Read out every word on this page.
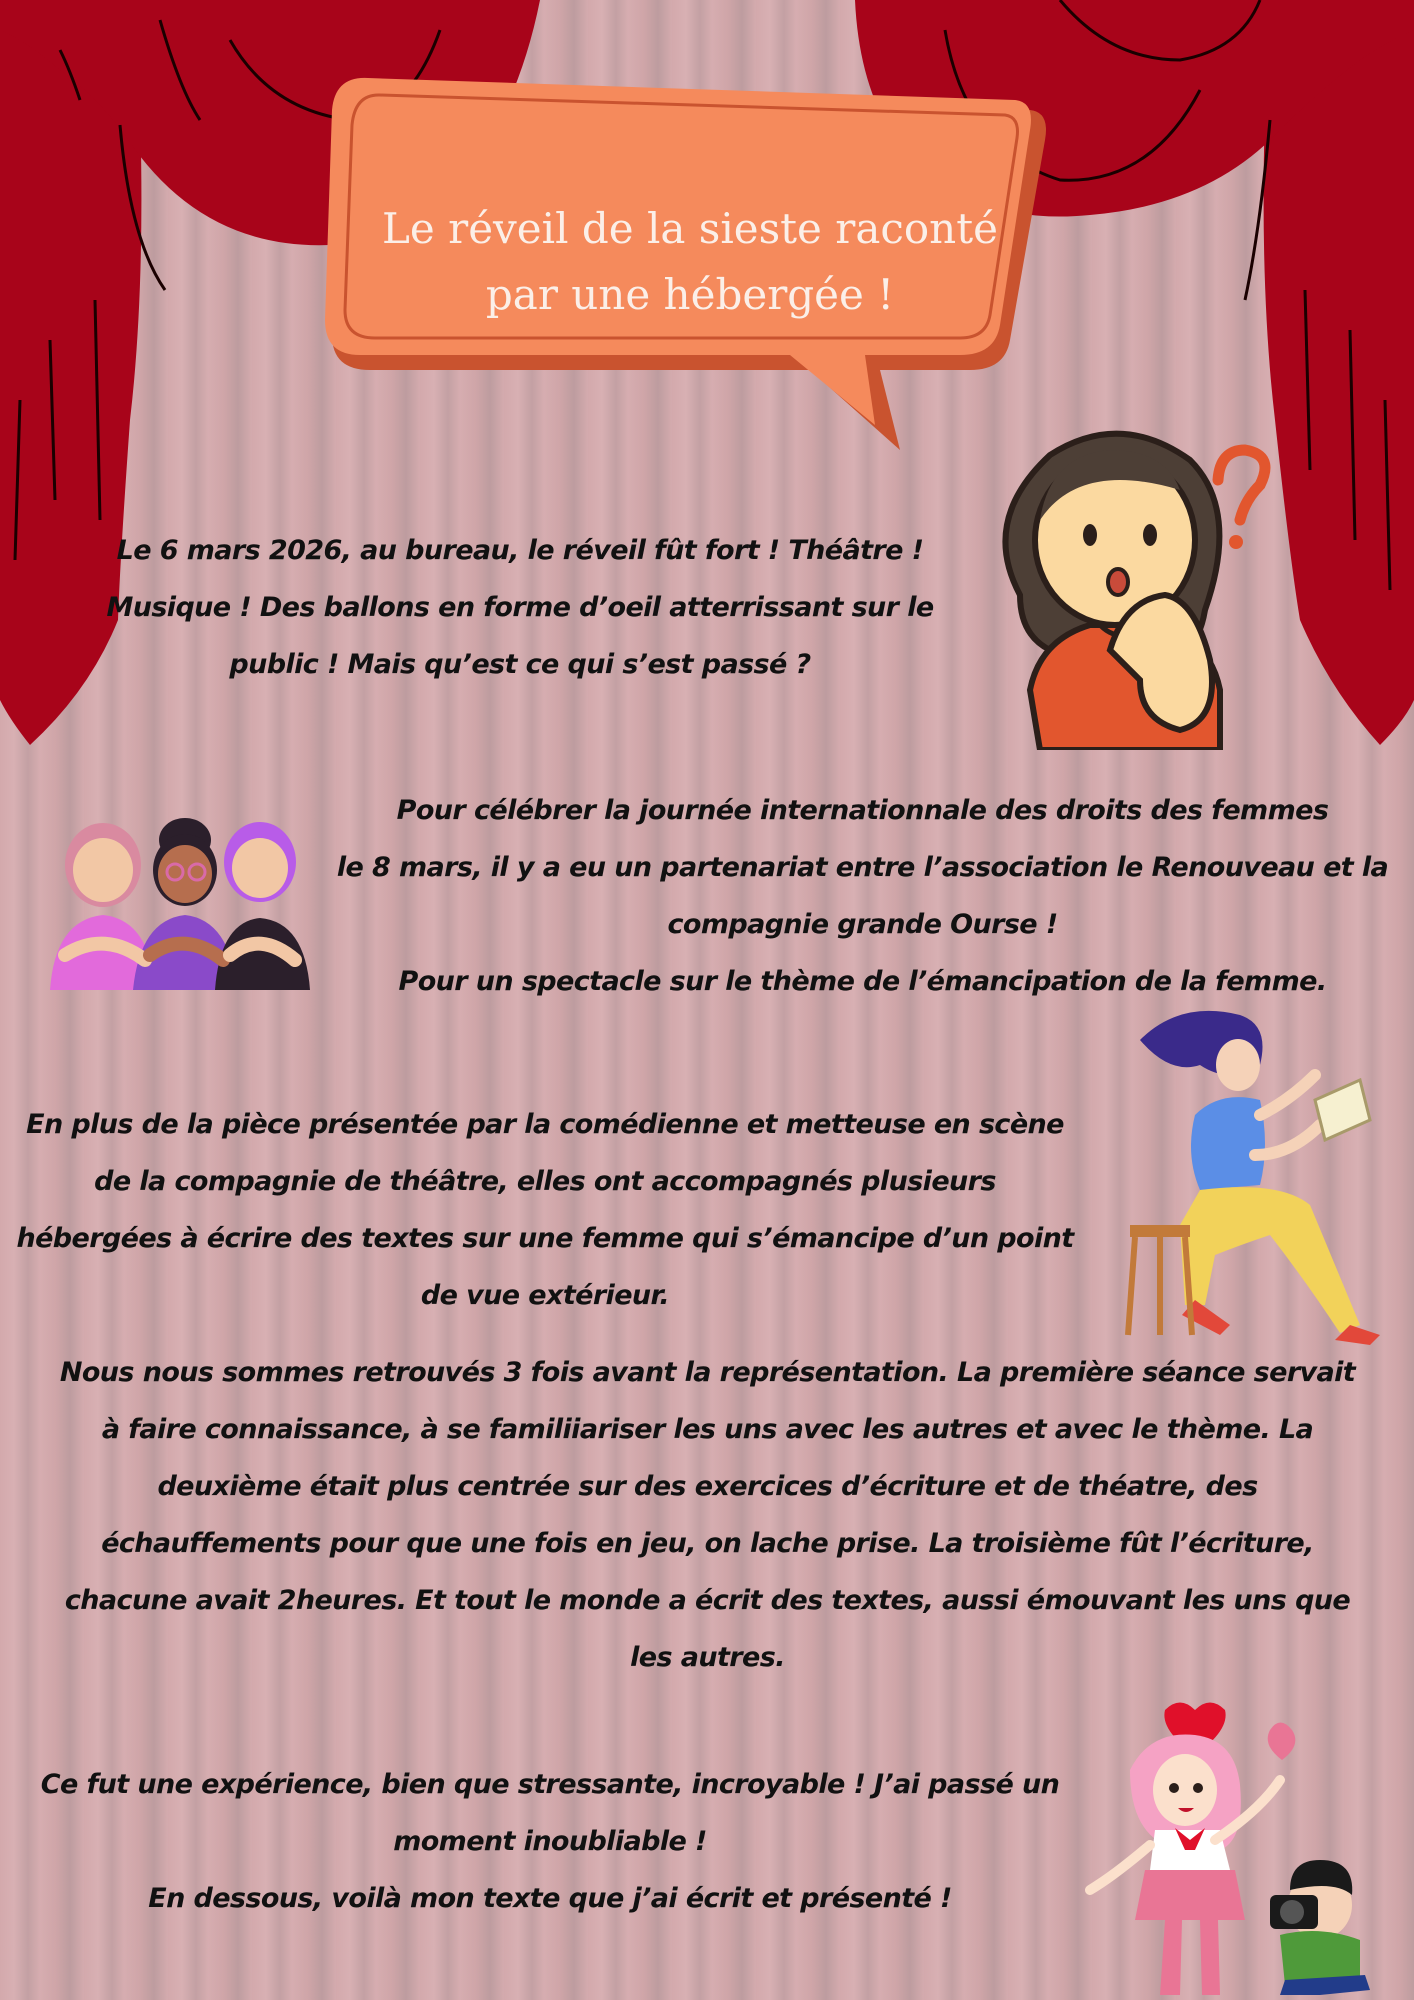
Le réveil de la sieste raconté
par une hébergée !
Le 6 mars 2026, au bureau, le réveil fût fort ! Théâtre !
Musique ! Des ballons en forme d’oeil atterrissant sur le
public ! Mais qu’est ce qui s’est passé ?
Pour célébrer la journée internationnale des droits des femmes
le 8 mars, il y a eu un partenariat entre l’association le Renouveau et la
compagnie grande Ourse !
Pour un spectacle sur le thème de l’émancipation de la femme.
En plus de la pièce présentée par la comédienne et metteuse en scène
de la compagnie de théâtre, elles ont accompagnés plusieurs
hébergées à écrire des textes sur une femme qui s’émancipe d’un point
de vue extérieur.
Nous nous sommes retrouvés 3 fois avant la représentation. La première séance servait
à faire connaissance, à se familiiariser les uns avec les autres et avec le thème. La
deuxième était plus centrée sur des exercices d’écriture et de théatre, des
échauffements pour que une fois en jeu, on lache prise. La troisième fût l’écriture,
chacune avait 2heures. Et tout le monde a écrit des textes, aussi émouvant les uns que
les autres.
Ce fut une expérience, bien que stressante, incroyable ! J’ai passé un
moment inoubliable !
En dessous, voilà mon texte que j’ai écrit et présenté !
